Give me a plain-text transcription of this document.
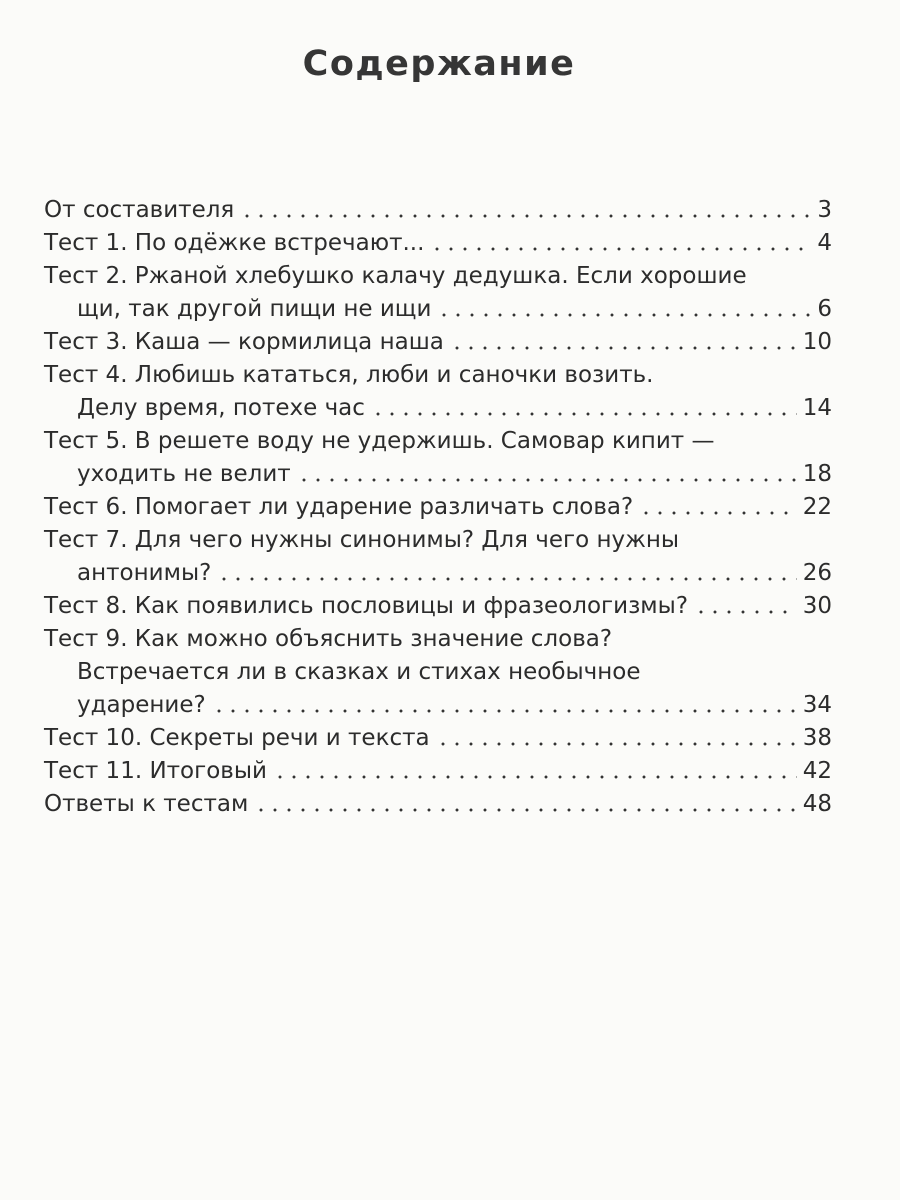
Содержание
От составителя	3
Тест 1. По одёжке встречают...	4
Тест 2. Ржаной хлебушко калачу дедушка. Если хорошие
щи, так другой пищи не ищи	6
Тест 3. Каша — кормилица наша	10
Тест 4. Любишь кататься, люби и саночки возить.
Делу время, потехе час	14
Тест 5. В решете воду не удержишь. Самовар кипит —
уходить не велит	18
Тест 6. Помогает ли ударение различать слова?	22
Тест 7. Для чего нужны синонимы? Для чего нужны
антонимы?	26
Тест 8. Как появились пословицы и фразеологизмы?	30
Тест 9. Как можно объяснить значение слова?
Встречается ли в сказках и стихах необычное
ударение?	34
Тест 10. Секреты речи и текста	38
Тест 11. Итоговый	42
Ответы к тестам	48
